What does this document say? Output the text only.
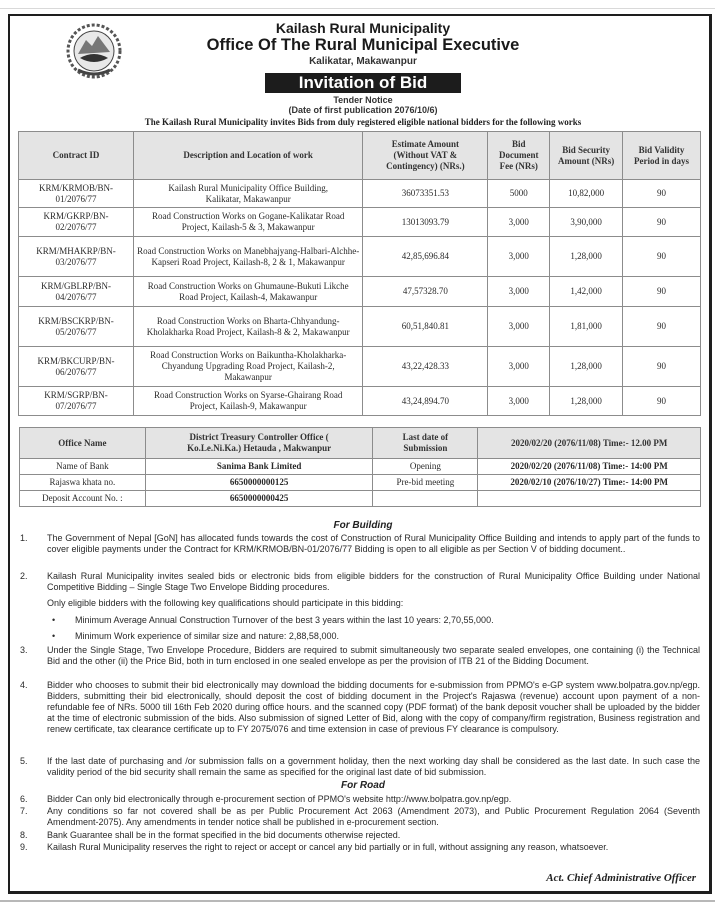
Kailash Rural Municipality
Office Of The Rural Municipal Executive
Kalikatar, Makawanpur
Invitation of Bid
Tender Notice
(Date of first publication 2076/10/6)
The Kailash Rural Municipality invites Bids from duly registered eligible national bidders for the following works
Contract ID	Description and Location of work	Estimate Amount (Without VAT & Contingency) (NRs.)	Bid Document Fee (NRs)	Bid Security Amount (NRs)	Bid Validity Period in days
KRM/KRMOB/BN-01/2076/77	Kailash Rural Municipality Office Building, Kalikatar, Makawanpur	36073351.53	5000	10,82,000	90
KRM/GKRP/BN-02/2076/77	Road Construction Works on Gogane-Kalikatar Road Project, Kailash-5 & 3, Makawanpur	13013093.79	3,000	3,90,000	90
KRM/MHAKRP/BN-03/2076/77	Road Construction Works on Manebhajyang-Halbari-Alchhe-Kapseri Road Project, Kailash-8, 2 & 1, Makawanpur	42,85,696.84	3,000	1,28,000	90
KRM/GBLRP/BN-04/2076/77	Road Construction Works on Ghumaune-Bukuti Likche Road Project, Kailash-4, Makawanpur	47,57328.70	3,000	1,42,000	90
KRM/BSCKRP/BN-05/2076/77	Road Construction Works on Bharta-Chhyandung-Kholakharka Road Project, Kailash-8 & 2, Makawanpur	60,51,840.81	3,000	1,81,000	90
KRM/BKCURP/BN-06/2076/77	Road Construction Works on Baikuntha-Kholakharka-Chyandung Upgrading Road Project, Kailash-2, Makawanpur	43,22,428.33	3,000	1,28,000	90
KRM/SGRP/BN-07/2076/77	Road Construction Works on Syarse-Ghairang Road Project, Kailash-9, Makawanpur	43,24,894.70	3,000	1,28,000	90
Office Name	District Treasury Controller Office ( Ko.Le.Ni.Ka.) Hetauda , Makwanpur	Last date of Submission	2020/02/20 (2076/11/08) Time:- 12.00 PM
Name of Bank	Sanima Bank Limited	Opening	2020/02/20 (2076/11/08) Time:- 14:00 PM
Rajaswa khata no.	6650000000125	Pre-bid meeting	2020/02/10 (2076/10/27) Time:- 14:00 PM
Deposit Account No. :	6650000000425		
For Building
1.	The Government of Nepal [GoN] has allocated funds towards the cost of Construction of Rural Municipality Office Building and intends to apply part of the funds to cover eligible payments under the Contract for KRM/KRMOB/BN-01/2076/77 Bidding is open to all eligible as per Section V of bidding document..
2.	Kailash Rural Municipality invites sealed bids or electronic bids from eligible bidders for the construction of Rural Municipality Office Building under National Competitive Bidding – Single Stage Two Envelope Bidding procedures.
Only eligible bidders with the following key qualifications should participate in this bidding:
• Minimum Average Annual Construction Turnover of the best 3 years within the last 10 years: 2,70,55,000.
• Minimum Work experience of similar size and nature: 2,88,58,000.
3.	Under the Single Stage, Two Envelope Procedure, Bidders are required to submit simultaneously two separate sealed envelopes, one containing (i) the Technical Bid and the other (ii) the Price Bid, both in turn enclosed in one sealed envelope as per the provision of ITB 21 of the Bidding Document.
4.	Bidder who chooses to submit their bid electronically may download the bidding documents for e-submission from PPMO's e-GP system www.bolpatra.gov.np/egp. Bidders, submitting their bid electronically, should deposit the cost of bidding document in the Project's Rajaswa (revenue) account upon payment of a non-refundable fee of NRs. 5000 till 16th Feb 2020 during office hours. and the scanned copy (PDF format) of the bank deposit voucher shall be uploaded by the bidder at the time of electronic submission of the bids. Also submission of signed Letter of Bid, along with the copy of company/firm registration, Business registration and renew certificate, tax clearance certificate up to FY 2075/076 and time extension in case of previous FY clearance is compulsory.
5.	If the last date of purchasing and /or submission falls on a government holiday, then the next working day shall be considered as the last date. In such case the validity period of the bid security shall remain the same as specified for the original last date of bid submission.
For Road
6.	Bidder Can only bid electronically through e-procurement section of PPMO's website http://www.bolpatra.gov.np/egp.
7.	Any conditions so far not covered shall be as per Public Procurement Act 2063 (Amendment 2073), and Public Procurement Regulation 2064 (Seventh Amendment-2075). Any amendments in tender notice shall be published in e-procurement section.
8.	Bank Guarantee shall be in the format specified in the bid documents otherwise rejected.
9.	Kailash Rural Municipality reserves the right to reject or accept or cancel any bid partially or in full, without assigning any reason, whatsoever.
Act. Chief Administrative Officer
